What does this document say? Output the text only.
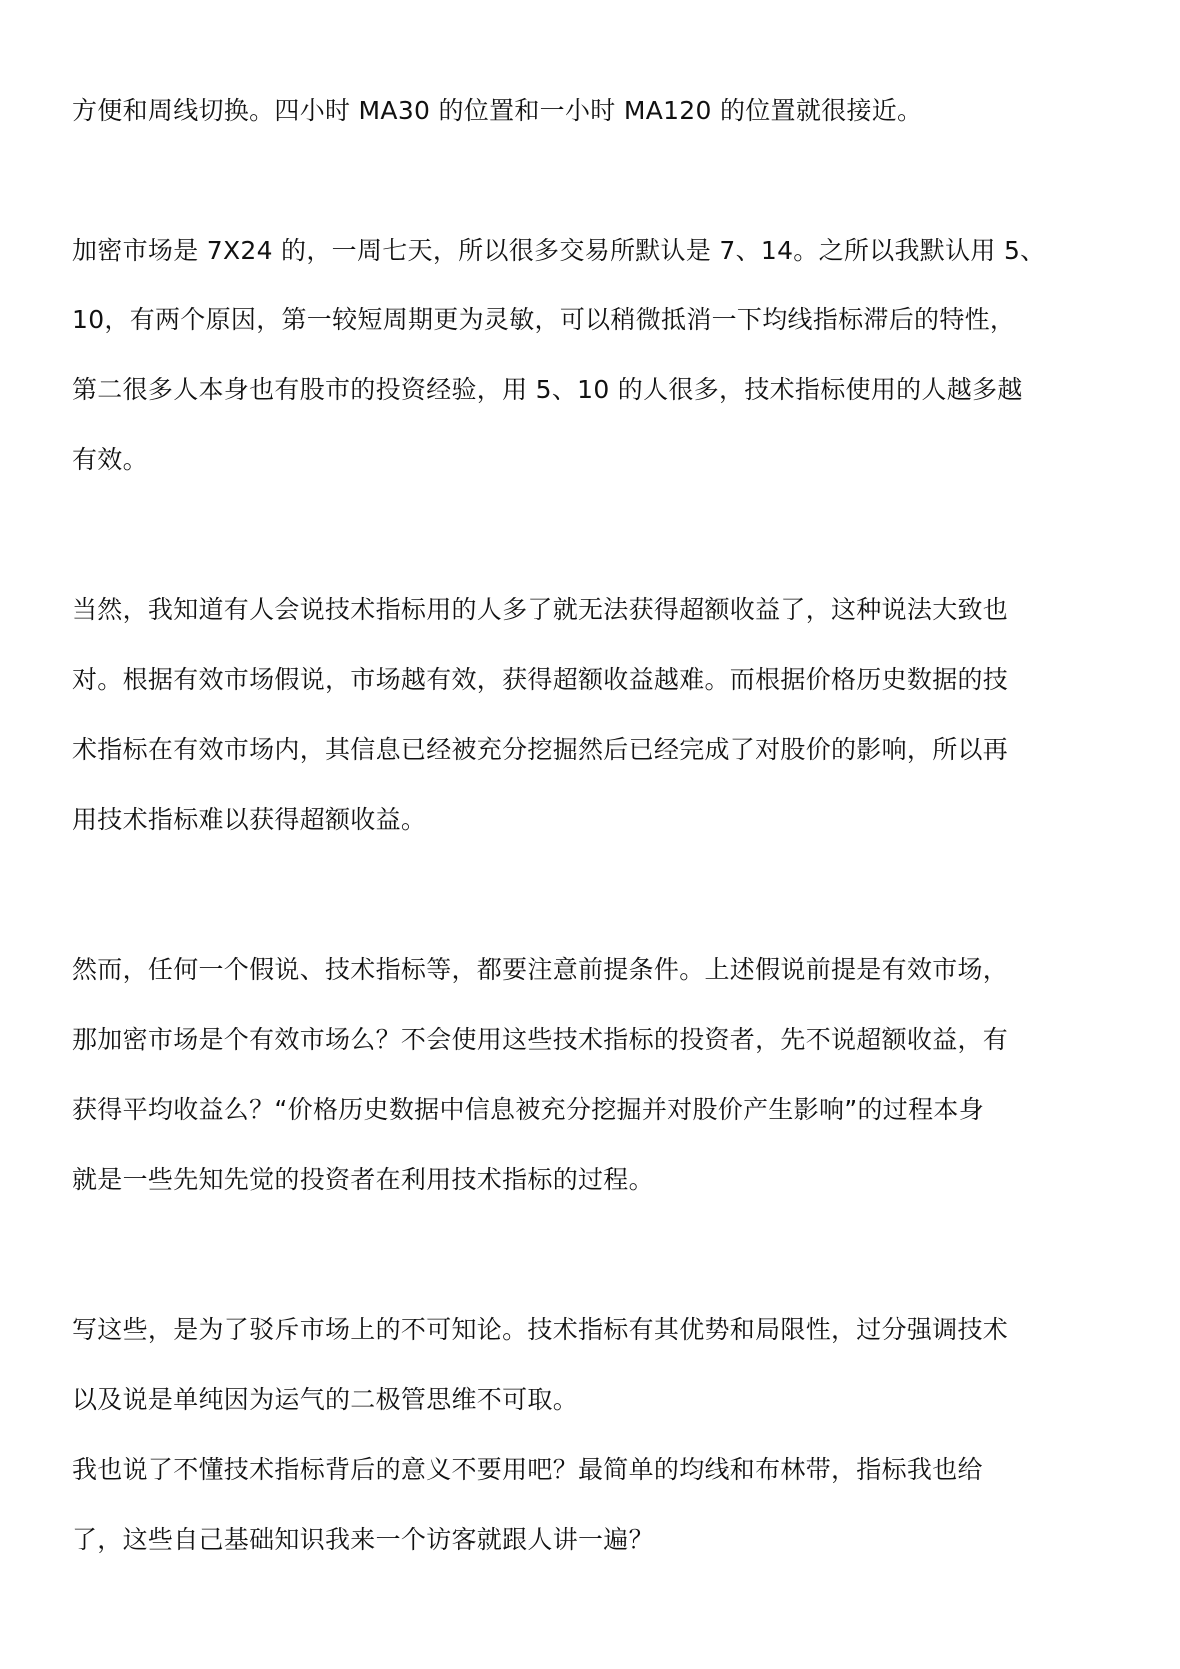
方便和周线切换。四小时 MA30 的位置和一小时 MA120 的位置就很接近。
加密市场是 7X24 的，一周七天，所以很多交易所默认是 7、14。之所以我默认用 5、
10，有两个原因，第一较短周期更为灵敏，可以稍微抵消一下均线指标滞后的特性，
第二很多人本身也有股市的投资经验，用 5、10 的人很多，技术指标使用的人越多越
有效。
当然，我知道有人会说技术指标用的人多了就无法获得超额收益了，这种说法大致也
对。根据有效市场假说，市场越有效，获得超额收益越难。而根据价格历史数据的技
术指标在有效市场内，其信息已经被充分挖掘然后已经完成了对股价的影响，所以再
用技术指标难以获得超额收益。
然而，任何一个假说、技术指标等，都要注意前提条件。上述假说前提是有效市场，
那加密市场是个有效市场么？不会使用这些技术指标的投资者，先不说超额收益，有
获得平均收益么？“价格历史数据中信息被充分挖掘并对股价产生影响”的过程本身
就是一些先知先觉的投资者在利用技术指标的过程。
写这些，是为了驳斥市场上的不可知论。技术指标有其优势和局限性，过分强调技术
以及说是单纯因为运气的二极管思维不可取。
我也说了不懂技术指标背后的意义不要用吧？最简单的均线和布林带，指标我也给
了，这些自己基础知识我来一个访客就跟人讲一遍？
